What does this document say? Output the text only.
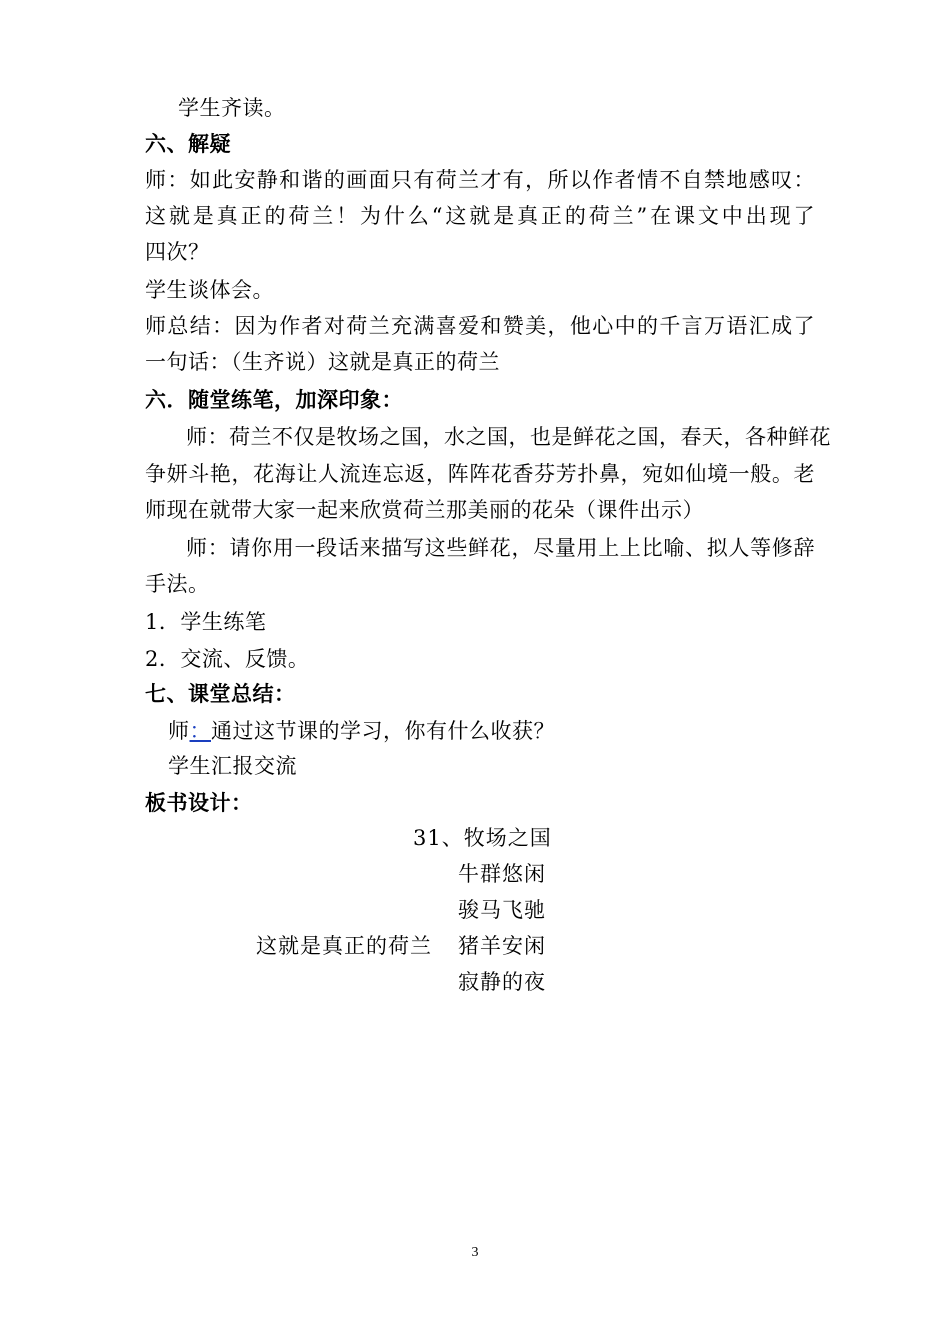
学生齐读。
六、解疑
师：如此安静和谐的画面只有荷兰才有，所以作者情不自禁地感叹：
这就是真正的荷兰！为什么“这就是真正的荷兰”在课文中出现了
四次？
学生谈体会。
师总结：因为作者对荷兰充满喜爱和赞美，他心中的千言万语汇成了
一句话：（生齐说）这就是真正的荷兰
六．随堂练笔，加深印象：
师：荷兰不仅是牧场之国，水之国，也是鲜花之国，春天，各种鲜花
争妍斗艳，花海让人流连忘返，阵阵花香芬芳扑鼻，宛如仙境一般。老
师现在就带大家一起来欣赏荷兰那美丽的花朵（课件出示）
师：请你用一段话来描写这些鲜花，尽量用上上比喻、拟人等修辞
手法。
1．学生练笔
2．交流、反馈。
七、课堂总结：
师：通过这节课的学习，你有什么收获？
学生汇报交流
板书设计：
31、牧场之国
牛群悠闲
骏马飞驰
这就是真正的荷兰 猪羊安闲
寂静的夜
3
